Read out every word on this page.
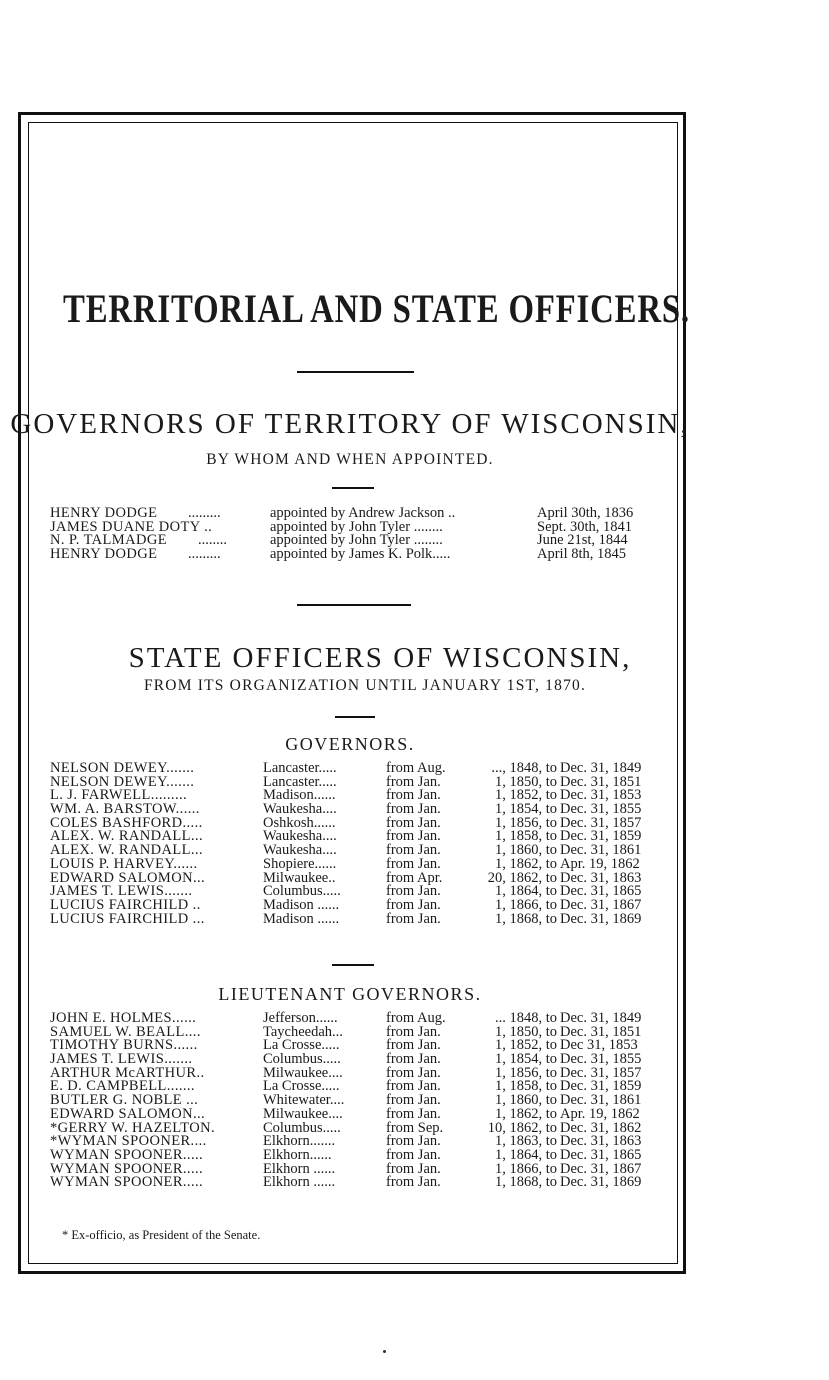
TERRITORIAL AND STATE OFFICERS.
GOVERNORS OF TERRITORY OF WISCONSIN,
BY WHOM AND WHEN APPOINTED.
HENRY DODGE .........	appointed by Andrew Jackson ..	April 30th, 1836
JAMES DUANE DOTY ..	appointed by John Tyler ........	Sept. 30th, 1841
N. P. TALMADGE ........	appointed by John Tyler ........	June 21st, 1844
HENRY DODGE .........	appointed by James K. Polk.....	April 8th, 1845
STATE OFFICERS OF WISCONSIN,
FROM ITS ORGANIZATION UNTIL JANUARY 1ST, 1870.
GOVERNORS.
NELSON DEWEY.......	Lancaster.....	from Aug.	..., 1848, to Dec. 31, 1849
NELSON DEWEY.......	Lancaster.....	from Jan.	1, 1850, to Dec. 31, 1851
L. J. FARWELL.........	Madison......	from Jan.	1, 1852, to Dec. 31, 1853
WM. A. BARSTOW......	Waukesha....	from Jan.	1, 1854, to Dec. 31, 1855
COLES BASHFORD.....	Oshkosh......	from Jan.	1, 1856, to Dec. 31, 1857
ALEX. W. RANDALL...	Waukesha....	from Jan.	1, 1858, to Dec. 31, 1859
ALEX. W. RANDALL...	Waukesha....	from Jan.	1, 1860, to Dec. 31, 1861
LOUIS P. HARVEY......	Shopiere......	from Jan.	1, 1862, to Apr. 19, 1862
EDWARD SALOMON...	Milwaukee..	from Apr.	20, 1862, to Dec. 31, 1863
JAMES T. LEWIS.......	Columbus.....	from Jan.	1, 1864, to Dec. 31, 1865
LUCIUS FAIRCHILD ..	Madison ......	from Jan.	1, 1866, to Dec. 31, 1867
LUCIUS FAIRCHILD ...	Madison ......	from Jan.	1, 1868, to Dec. 31, 1869
LIEUTENANT GOVERNORS.
JOHN E. HOLMES......	Jefferson......	from Aug.	... 1848, to Dec. 31, 1849
SAMUEL W. BEALL....	Taycheedah...	from Jan.	1, 1850, to Dec. 31, 1851
TIMOTHY BURNS......	La Crosse.....	from Jan.	1, 1852, to Dec 31, 1853
JAMES T. LEWIS.......	Columbus.....	from Jan.	1, 1854, to Dec. 31, 1855
ARTHUR McARTHUR..	Milwaukee....	from Jan.	1, 1856, to Dec. 31, 1857
E. D. CAMPBELL.......	La Crosse.....	from Jan.	1, 1858, to Dec. 31, 1859
BUTLER G. NOBLE ...	Whitewater....	from Jan.	1, 1860, to Dec. 31, 1861
EDWARD SALOMON...	Milwaukee....	from Jan.	1, 1862, to Apr. 19, 1862
*GERRY W. HAZELTON.	Columbus.....	from Sep.	10, 1862, to Dec. 31, 1862
*WYMAN SPOONER....	Elkhorn.......	from Jan.	1, 1863, to Dec. 31, 1863
WYMAN SPOONER.....	Elkhorn......	from Jan.	1, 1864, to Dec. 31, 1865
WYMAN SPOONER.....	Elkhorn ......	from Jan.	1, 1866, to Dec. 31, 1867
WYMAN SPOONER.....	Elkhorn ......	from Jan.	1, 1868, to Dec. 31, 1869
* Ex-officio, as President of the Senate.
